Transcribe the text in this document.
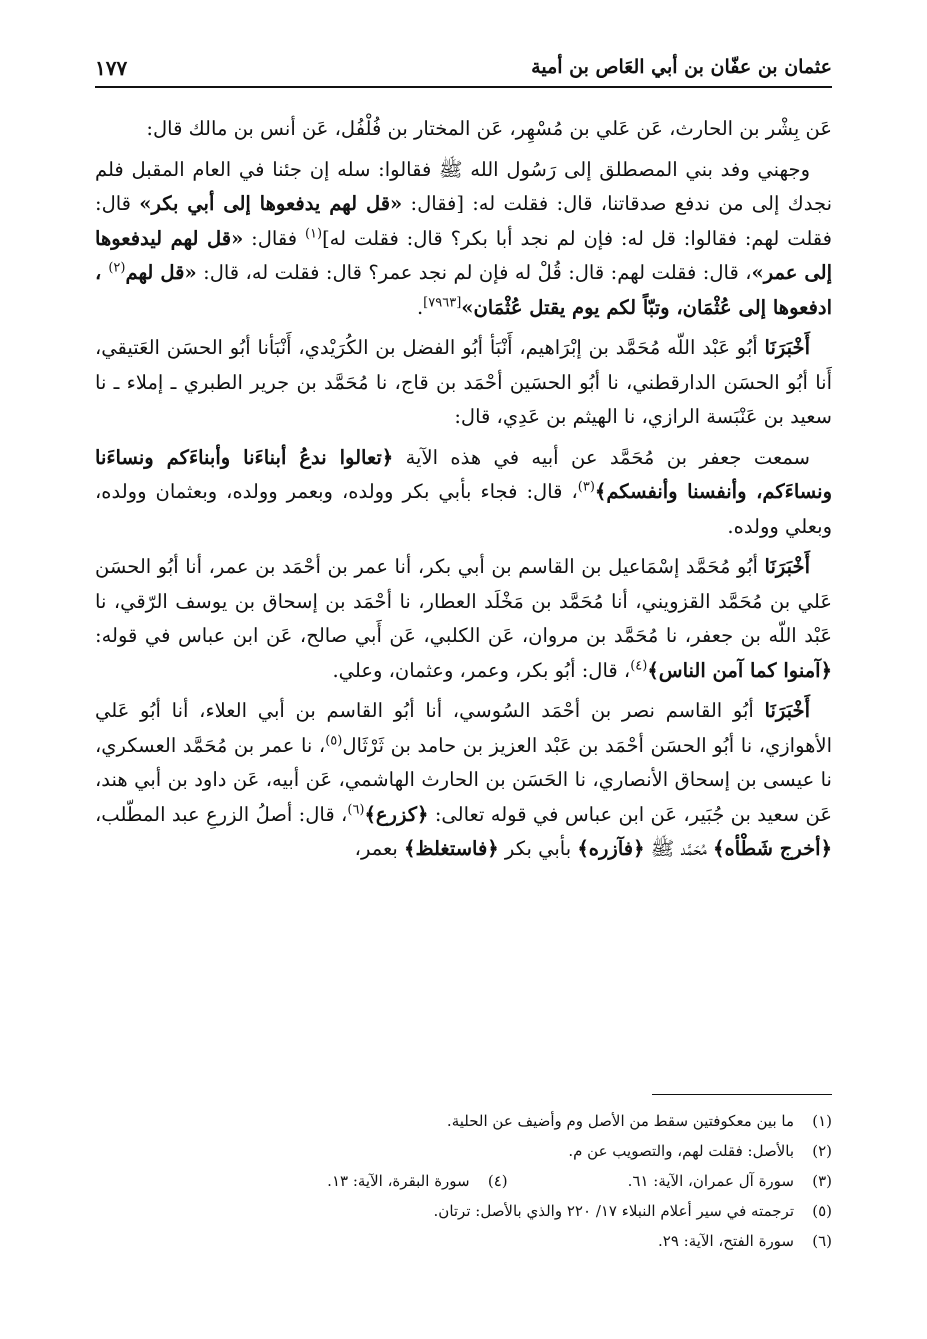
عثمان بن عفّان بن أبي العَاص بن أمية
١٧٧

عَن بِشْر بن الحارث، عَن عَلي بن مُسْهِر، عَن المختار بن فُلْفُل، عَن أنس بن مالك قال:

وجهني وفد بني المصطلق إلى رَسُول الله ﷺ فقالوا: سله إن جئنا في العام المقبل فلم نجدك إلى من ندفع صدقاتنا، قال: فقلت له: [فقال: «قل لهم يدفعوها إلى أبي بكر» قال: فقلت لهم: فقالوا: قل له: فإن لم نجد أبا بكر؟ قال: فقلت له]$^{(١)}$ فقال: «قل لهم ليدفعوها إلى عمر»، قال: فقلت لهم: قال: قُلْ له فإن لم نجد عمر؟ قال: فقلت له، قال: «قل لهم$^{(٢)}$ ، ادفعوها إلى عُثْمَان، وتبّاً لكم يوم يقتل عُثْمَان»[٧٩٦٣].

أَخْبَرَنَا أبُو عَبْد اللّه مُحَمَّد بن إبْرَاهيم، أَنْبَأ أبُو الفضل بن الكُرَيْدي، أَنْبَأنا أبُو الحسَن العَتيقي، أَنا أبُو الحسَن الدارقطني، نا أبُو الحسَين أحْمَد بن قاج، نا مُحَمَّد بن جرير الطبري ـ إملاء ـ نا سعيد بن عَنْبَسة الرازي، نا الهيثم بن عَدِي، قال:

سمعت جعفر بن مُحَمَّد عن أبيه في هذه الآية ﴿تعالوا ندعُ أبناءَنا وأبناءَكم ونساءَنا ونساءَكم، وأنفسنا وأنفسكم﴾$^{(٣)}$، قال: فجاء بأبي بكر وولده، وبعمر وولده، وبعثمان وولده، وبعلي وولده.

أَخْبَرَنَا أبُو مُحَمَّد إسْمَاعيل بن القاسم بن أبي بكر، أنا عمر بن أحْمَد بن عمر، أنا أبُو الحسَن عَلي بن مُحَمَّد القزويني، أنا مُحَمَّد بن مَخْلَد العطار، نا أحْمَد بن إسحاق بن يوسف الرّقي، نا عَبْد اللّه بن جعفر، نا مُحَمَّد بن مروان، عَن الكلبي، عَن أَبي صالح، عَن ابن عباس في قوله: ﴿آمنوا كما آمن الناس﴾$^{(٤)}$، قال: أبُو بكر، وعمر، وعثمان، وعلي.

أَخْبَرَنَا أبُو القاسم نصر بن أحْمَد السُوسي، أنا أبُو القاسم بن أبي العلاء، أنا أبُو عَلي الأهوازي، نا أبُو الحسَن أحْمَد بن عَبْد العزيز بن حامد بن ثَرْثَال$^{(٥)}$، نا عمر بن مُحَمَّد العسكري، نا عيسى بن إسحاق الأنصاري، نا الحَسَن بن الحارث الهاشمي، عَن أبيه، عَن داود بن أبي هند، عَن سعيد بن جُبَير، عَن ابن عباس في قوله تعالى: ﴿كزرع﴾$^{(٦)}$، قال: أصلُ الزرعِ عبد المطّلب، ﴿أخرج شَطْأه﴾ مُحَمَّد ﷺ ﴿فآزره﴾ بأبي بكر ﴿فاستغلظ﴾ بعمر،

(١)ما بين معكوفتين سقط من الأصل وم وأضيف عن الحلية.
(٢)بالأصل: فقلت لهم، والتصويب عن م.
(٣)سورة آل عمران، الآية: ٦١.(٤)سورة البقرة، الآية: ١٣.
(٥)ترجمته في سير أعلام النبلاء ١٧/ ٢٢٠ والذي بالأصل: ترتان.
(٦)سورة الفتح، الآية: ٢٩.
